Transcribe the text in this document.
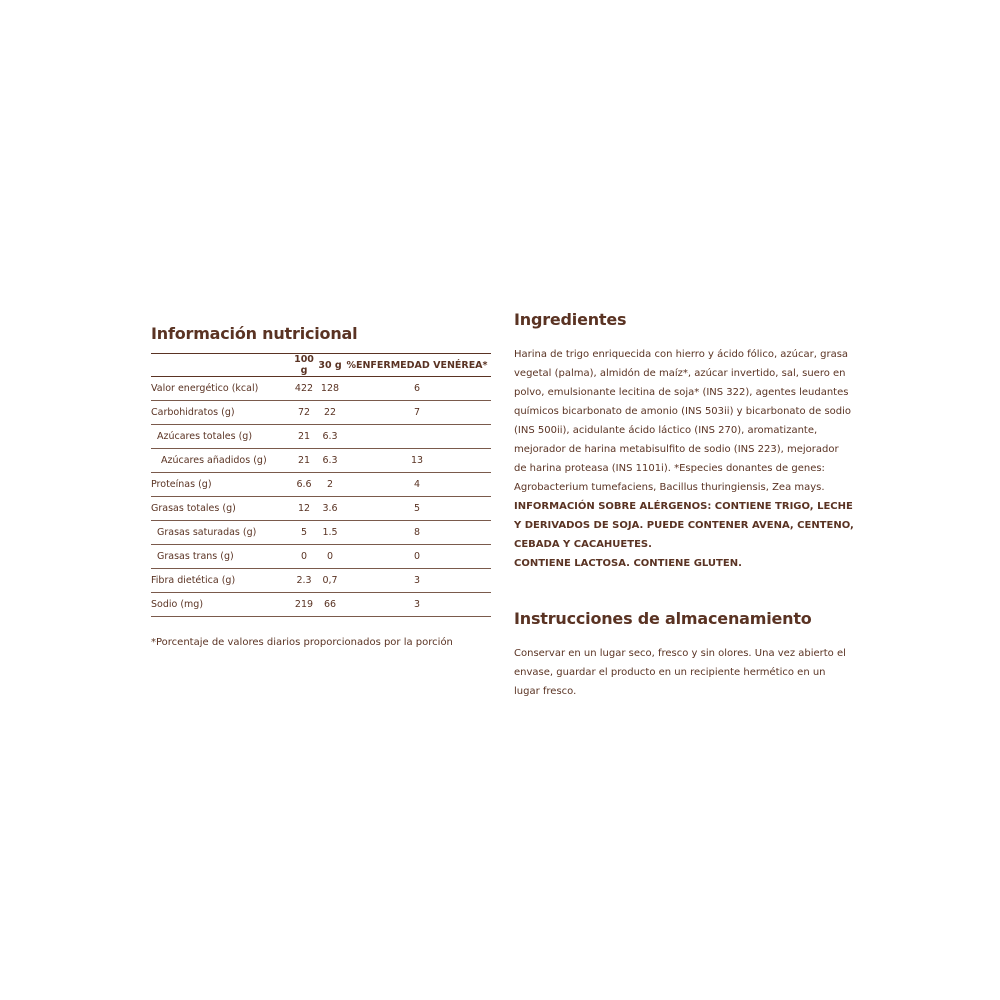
Información nutricional
	100 g	30 g	%ENFERMEDAD VENÉREA*
Valor energético (kcal)	422	128	6
Carbohidratos (g)	72	22	7
Azúcares totales (g)	21	6.3	
Azúcares añadidos (g)	21	6.3	13
Proteínas (g)	6.6	2	4
Grasas totales (g)	12	3.6	5
Grasas saturadas (g)	5	1.5	8
Grasas trans (g)	0	0	0
Fibra dietética (g)	2.3	0,7	3
Sodio (mg)	219	66	3
*Porcentaje de valores diarios proporcionados por la porción
Ingredientes
Harina de trigo enriquecida con hierro y ácido fólico, azúcar, grasa vegetal (palma), almidón de maíz*, azúcar invertido, sal, suero en polvo, emulsionante lecitina de soja* (INS 322), agentes leudantes químicos bicarbonato de amonio (INS 503ii) y bicarbonato de sodio (INS 500ii), acidulante ácido láctico (INS 270), aromatizante, mejorador de harina metabisulfito de sodio (INS 223), mejorador de harina proteasa (INS 1101i). *Especies donantes de genes: Agrobacterium tumefaciens, Bacillus thuringiensis, Zea mays.
INFORMACIÓN SOBRE ALÉRGENOS: CONTIENE TRIGO, LECHE Y DERIVADOS DE SOJA. PUEDE CONTENER AVENA, CENTENO, CEBADA Y CACAHUETES.
CONTIENE LACTOSA. CONTIENE GLUTEN.
Instrucciones de almacenamiento
Conservar en un lugar seco, fresco y sin olores. Una vez abierto el envase, guardar el producto en un recipiente hermético en un lugar fresco.
